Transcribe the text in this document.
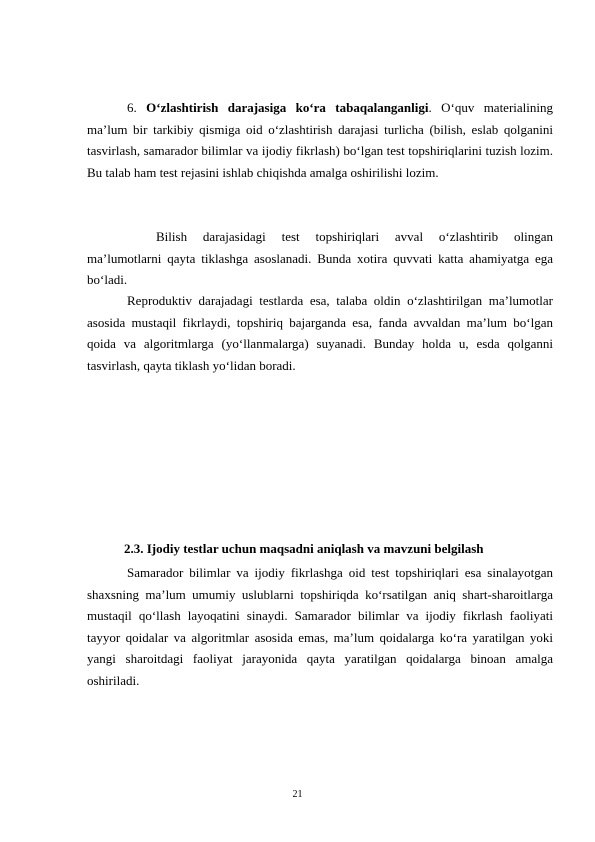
6. O‘zlashtirish darajasiga ko‘ra tabaqalanganligi. O‘quv materialining ma’lum bir tarkibiy qismiga oid o‘zlashtirish darajasi turlicha (bilish, eslab qolganini tasvirlash, samarador bilimlar va ijodiy fikrlash) bo‘lgan test topshiriqlarini tuzish lozim. Bu talab ham test rejasini ishlab chiqishda amalga oshirilishi lozim.

Bilish darajasidagi test topshiriqlari avval o‘zlashtirib olingan ma’lumotlarni qayta tiklashga asoslanadi. Bunda xotira quvvati katta ahamiyatga ega bo‘ladi.

Reproduktiv darajadagi testlarda esa, talaba oldin o‘zlashtirilgan ma’lumotlar asosida mustaqil fikrlaydi, topshiriq bajarganda esa, fanda avvaldan ma’lum bo‘lgan qoida va algoritmlarga (yo‘llanmalarga) suyanadi. Bunday holda u, esda qolganni tasvirlash, qayta tiklash yo‘lidan boradi.

2.3. Ijodiy testlar uchun maqsadni aniqlash va mavzuni belgilash

Samarador bilimlar va ijodiy fikrlashga oid test topshiriqlari esa sinalayotgan shaxsning ma’lum umumiy uslublarni topshiriqda ko‘rsatilgan aniq shart-sharoitlarga mustaqil qo‘llash layoqatini sinaydi. Samarador bilimlar va ijodiy fikrlash faoliyati tayyor qoidalar va algoritmlar asosida emas, ma’lum qoidalarga ko‘ra yaratilgan yoki yangi sharoitdagi faoliyat jarayonida qayta yaratilgan qoidalarga binoan amalga oshiriladi.

21
